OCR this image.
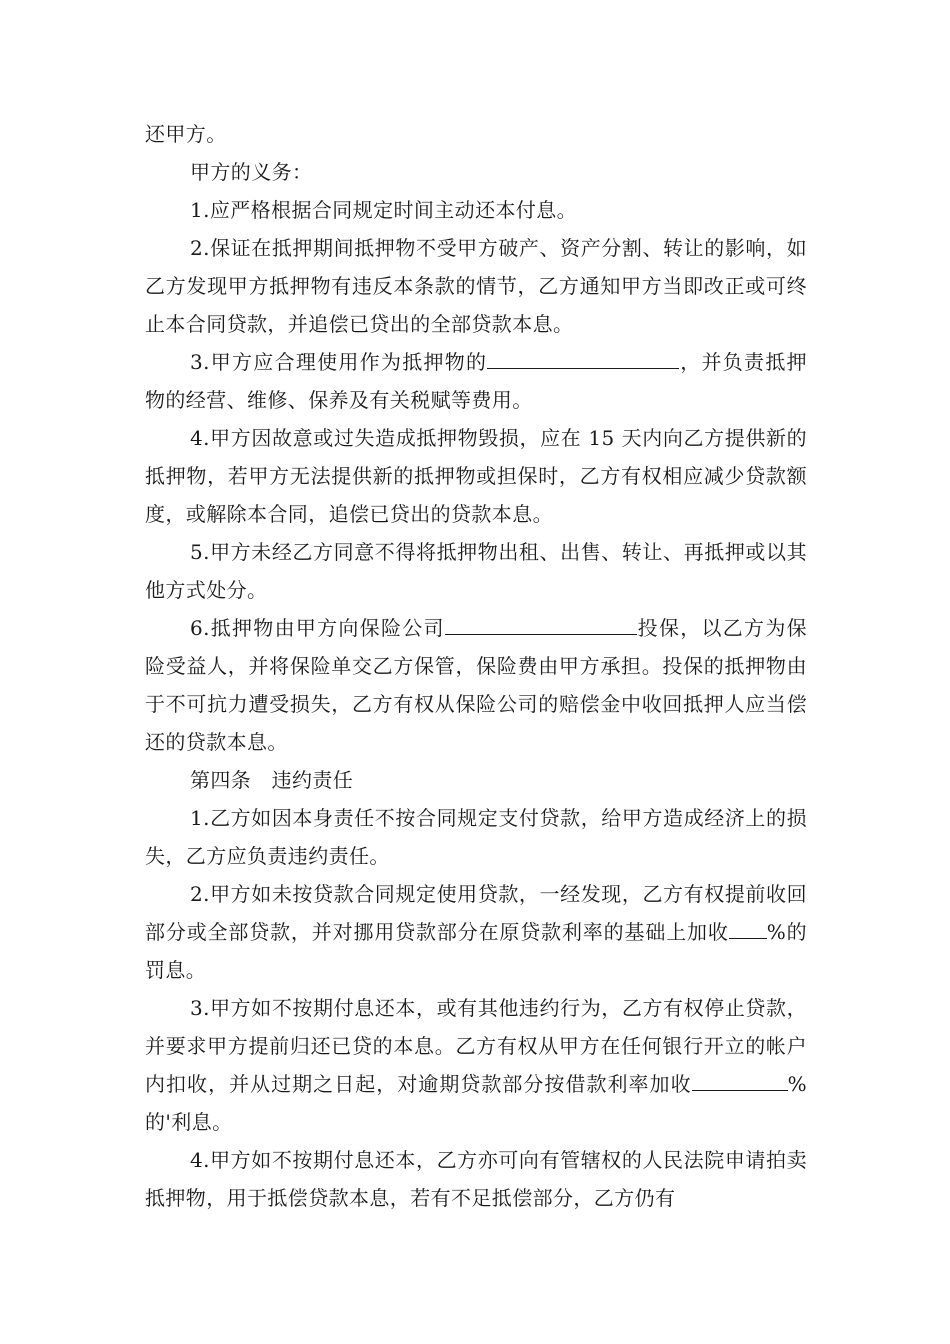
还甲方。

甲方的义务：

1.应严格根据合同规定时间主动还本付息。

2.保证在抵押期间抵押物不受甲方破产、资产分割、转让的影响，如乙方发现甲方抵押物有违反本条款的情节，乙方通知甲方当即改正或可终止本合同贷款，并追偿已贷出的全部贷款本息。

3.甲方应合理使用作为抵押物的	，并负责抵押物的经营、维修、保养及有关税赋等费用。

4.甲方因故意或过失造成抵押物毁损，应在 15 天内向乙方提供新的抵押物，若甲方无法提供新的抵押物或担保时，乙方有权相应减少贷款额度，或解除本合同，追偿已贷出的贷款本息。

5.甲方未经乙方同意不得将抵押物出租、出售、转让、再抵押或以其他方式处分。

6.抵押物由甲方向保险公司	投保，以乙方为保险受益人，并将保险单交乙方保管，保险费由甲方承担。投保的抵押物由于不可抗力遭受损失，乙方有权从保险公司的赔偿金中收回抵押人应当偿还的贷款本息。

第四条　违约责任

1.乙方如因本身责任不按合同规定支付贷款，给甲方造成经济上的损失，乙方应负责违约责任。

2.甲方如未按贷款合同规定使用贷款，一经发现，乙方有权提前收回部分或全部贷款，并对挪用贷款部分在原贷款利率的基础上加收 %的罚息。

3.甲方如不按期付息还本，或有其他违约行为，乙方有权停止贷款，并要求甲方提前归还已贷的本息。乙方有权从甲方在任何银行开立的帐户内扣收，并从过期之日起，对逾期贷款部分按借款利率加收	%的'利息。

4.甲方如不按期付息还本，乙方亦可向有管辖权的人民法院申请拍卖抵押物，用于抵偿贷款本息，若有不足抵偿部分，乙方仍有
